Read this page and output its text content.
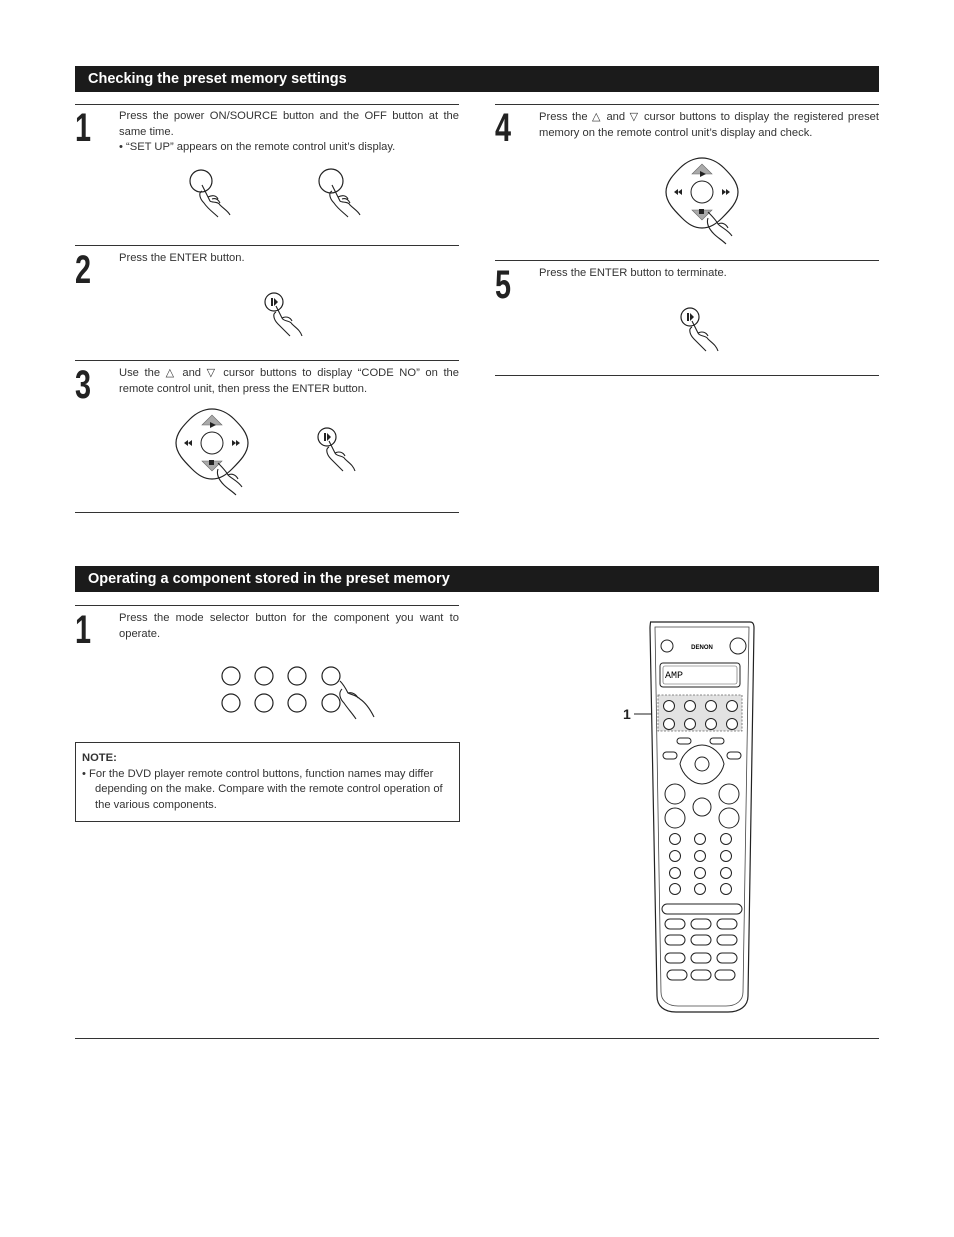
Checking the preset memory settings
1 Press the power ON/SOURCE button and the OFF button at the same time.

• “SET UP” appears on the remote control unit’s display.
2 Press the ENTER button.

3 Use the △ and ▽ cursor buttons to display “CODE NO” on the remote control unit, then press the ENTER button.

4 Press the △ and ▽ cursor buttons to display the registered preset memory on the remote control unit’s display and check.

5 Press the ENTER button to terminate.

Operating a component stored in the preset memory
1 Press the mode selector button for the component you want to operate.

NOTE:
• For the DVD player remote control buttons, function names may differ depending on the make. Compare with the remote control operation of the various components.
1
DENON
AMP
